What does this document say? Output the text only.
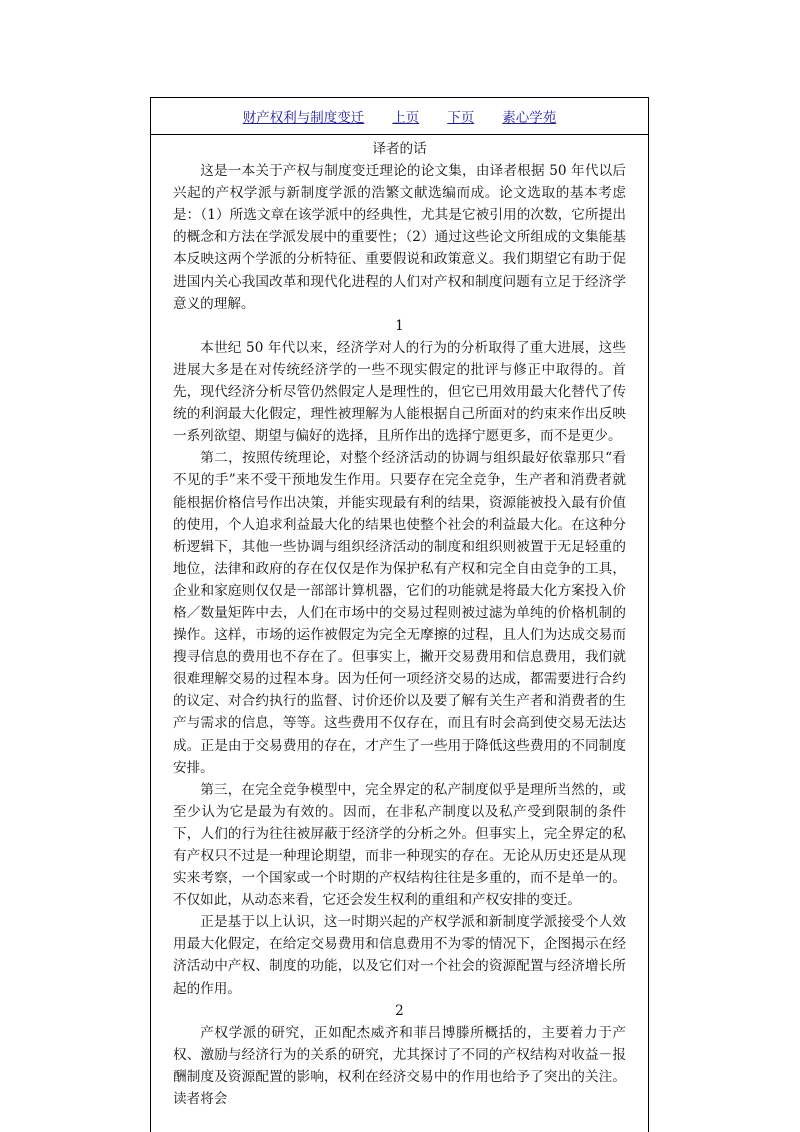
财产权利与制度变迁 上页 下页 素心学苑

译者的话

这是一本关于产权与制度变迁理论的论文集，由译者根据 50 年代以后兴起的产权学派与新制度学派的浩繁文献选编而成。论文选取的基本考虑是：（1）所选文章在该学派中的经典性，尤其是它被引用的次数，它所提出的概念和方法在学派发展中的重要性；（2）通过这些论文所组成的文集能基本反映这两个学派的分析特征、重要假说和政策意义。我们期望它有助于促进国内关心我国改革和现代化进程的人们对产权和制度问题有立足于经济学意义的理解。

1

本世纪 50 年代以来，经济学对人的行为的分析取得了重大进展，这些进展大多是在对传统经济学的一些不现实假定的批评与修正中取得的。首先，现代经济分析尽管仍然假定人是理性的，但它已用效用最大化替代了传统的利润最大化假定，理性被理解为人能根据自己所面对的约束来作出反映一系列欲望、期望与偏好的选择，且所作出的选择宁愿更多，而不是更少。

第二，按照传统理论，对整个经济活动的协调与组织最好依靠那只“看不见的手”来不受干预地发生作用。只要存在完全竞争，生产者和消费者就能根据价格信号作出决策，并能实现最有利的结果，资源能被投入最有价值的使用，个人追求利益最大化的结果也使整个社会的利益最大化。在这种分析逻辑下，其他一些协调与组织经济活动的制度和组织则被置于无足轻重的地位，法律和政府的存在仅仅是作为保护私有产权和完全自由竞争的工具，企业和家庭则仅仅是一部部计算机器，它们的功能就是将最大化方案投入价格／数量矩阵中去，人们在市场中的交易过程则被过滤为单纯的价格机制的操作。这样，市场的运作被假定为完全无摩擦的过程，且人们为达成交易而搜寻信息的费用也不存在了。但事实上，撇开交易费用和信息费用，我们就很难理解交易的过程本身。因为任何一项经济交易的达成，都需要进行合约的议定、对合约执行的监督、讨价还价以及要了解有关生产者和消费者的生产与需求的信息，等等。这些费用不仅存在，而且有时会高到使交易无法达成。正是由于交易费用的存在，才产生了一些用于降低这些费用的不同制度安排。

第三，在完全竞争模型中，完全界定的私产制度似乎是理所当然的，或至少认为它是最为有效的。因而，在非私产制度以及私产受到限制的条件下，人们的行为往往被屏蔽于经济学的分析之外。但事实上，完全界定的私有产权只不过是一种理论期望，而非一种现实的存在。无论从历史还是从现实来考察，一个国家或一个时期的产权结构往往是多重的，而不是单一的。不仅如此，从动态来看，它还会发生权利的重组和产权安排的变迁。

正是基于以上认识，这一时期兴起的产权学派和新制度学派接受个人效用最大化假定，在给定交易费用和信息费用不为零的情况下，企图揭示在经济活动中产权、制度的功能，以及它们对一个社会的资源配置与经济增长所起的作用。

2

产权学派的研究，正如配杰威齐和菲吕博滕所概括的，主要着力于产权、激励与经济行为的关系的研究，尤其探讨了不同的产权结构对收益－报酬制度及资源配置的影响，权利在经济交易中的作用也给予了突出的关注。读者将会
